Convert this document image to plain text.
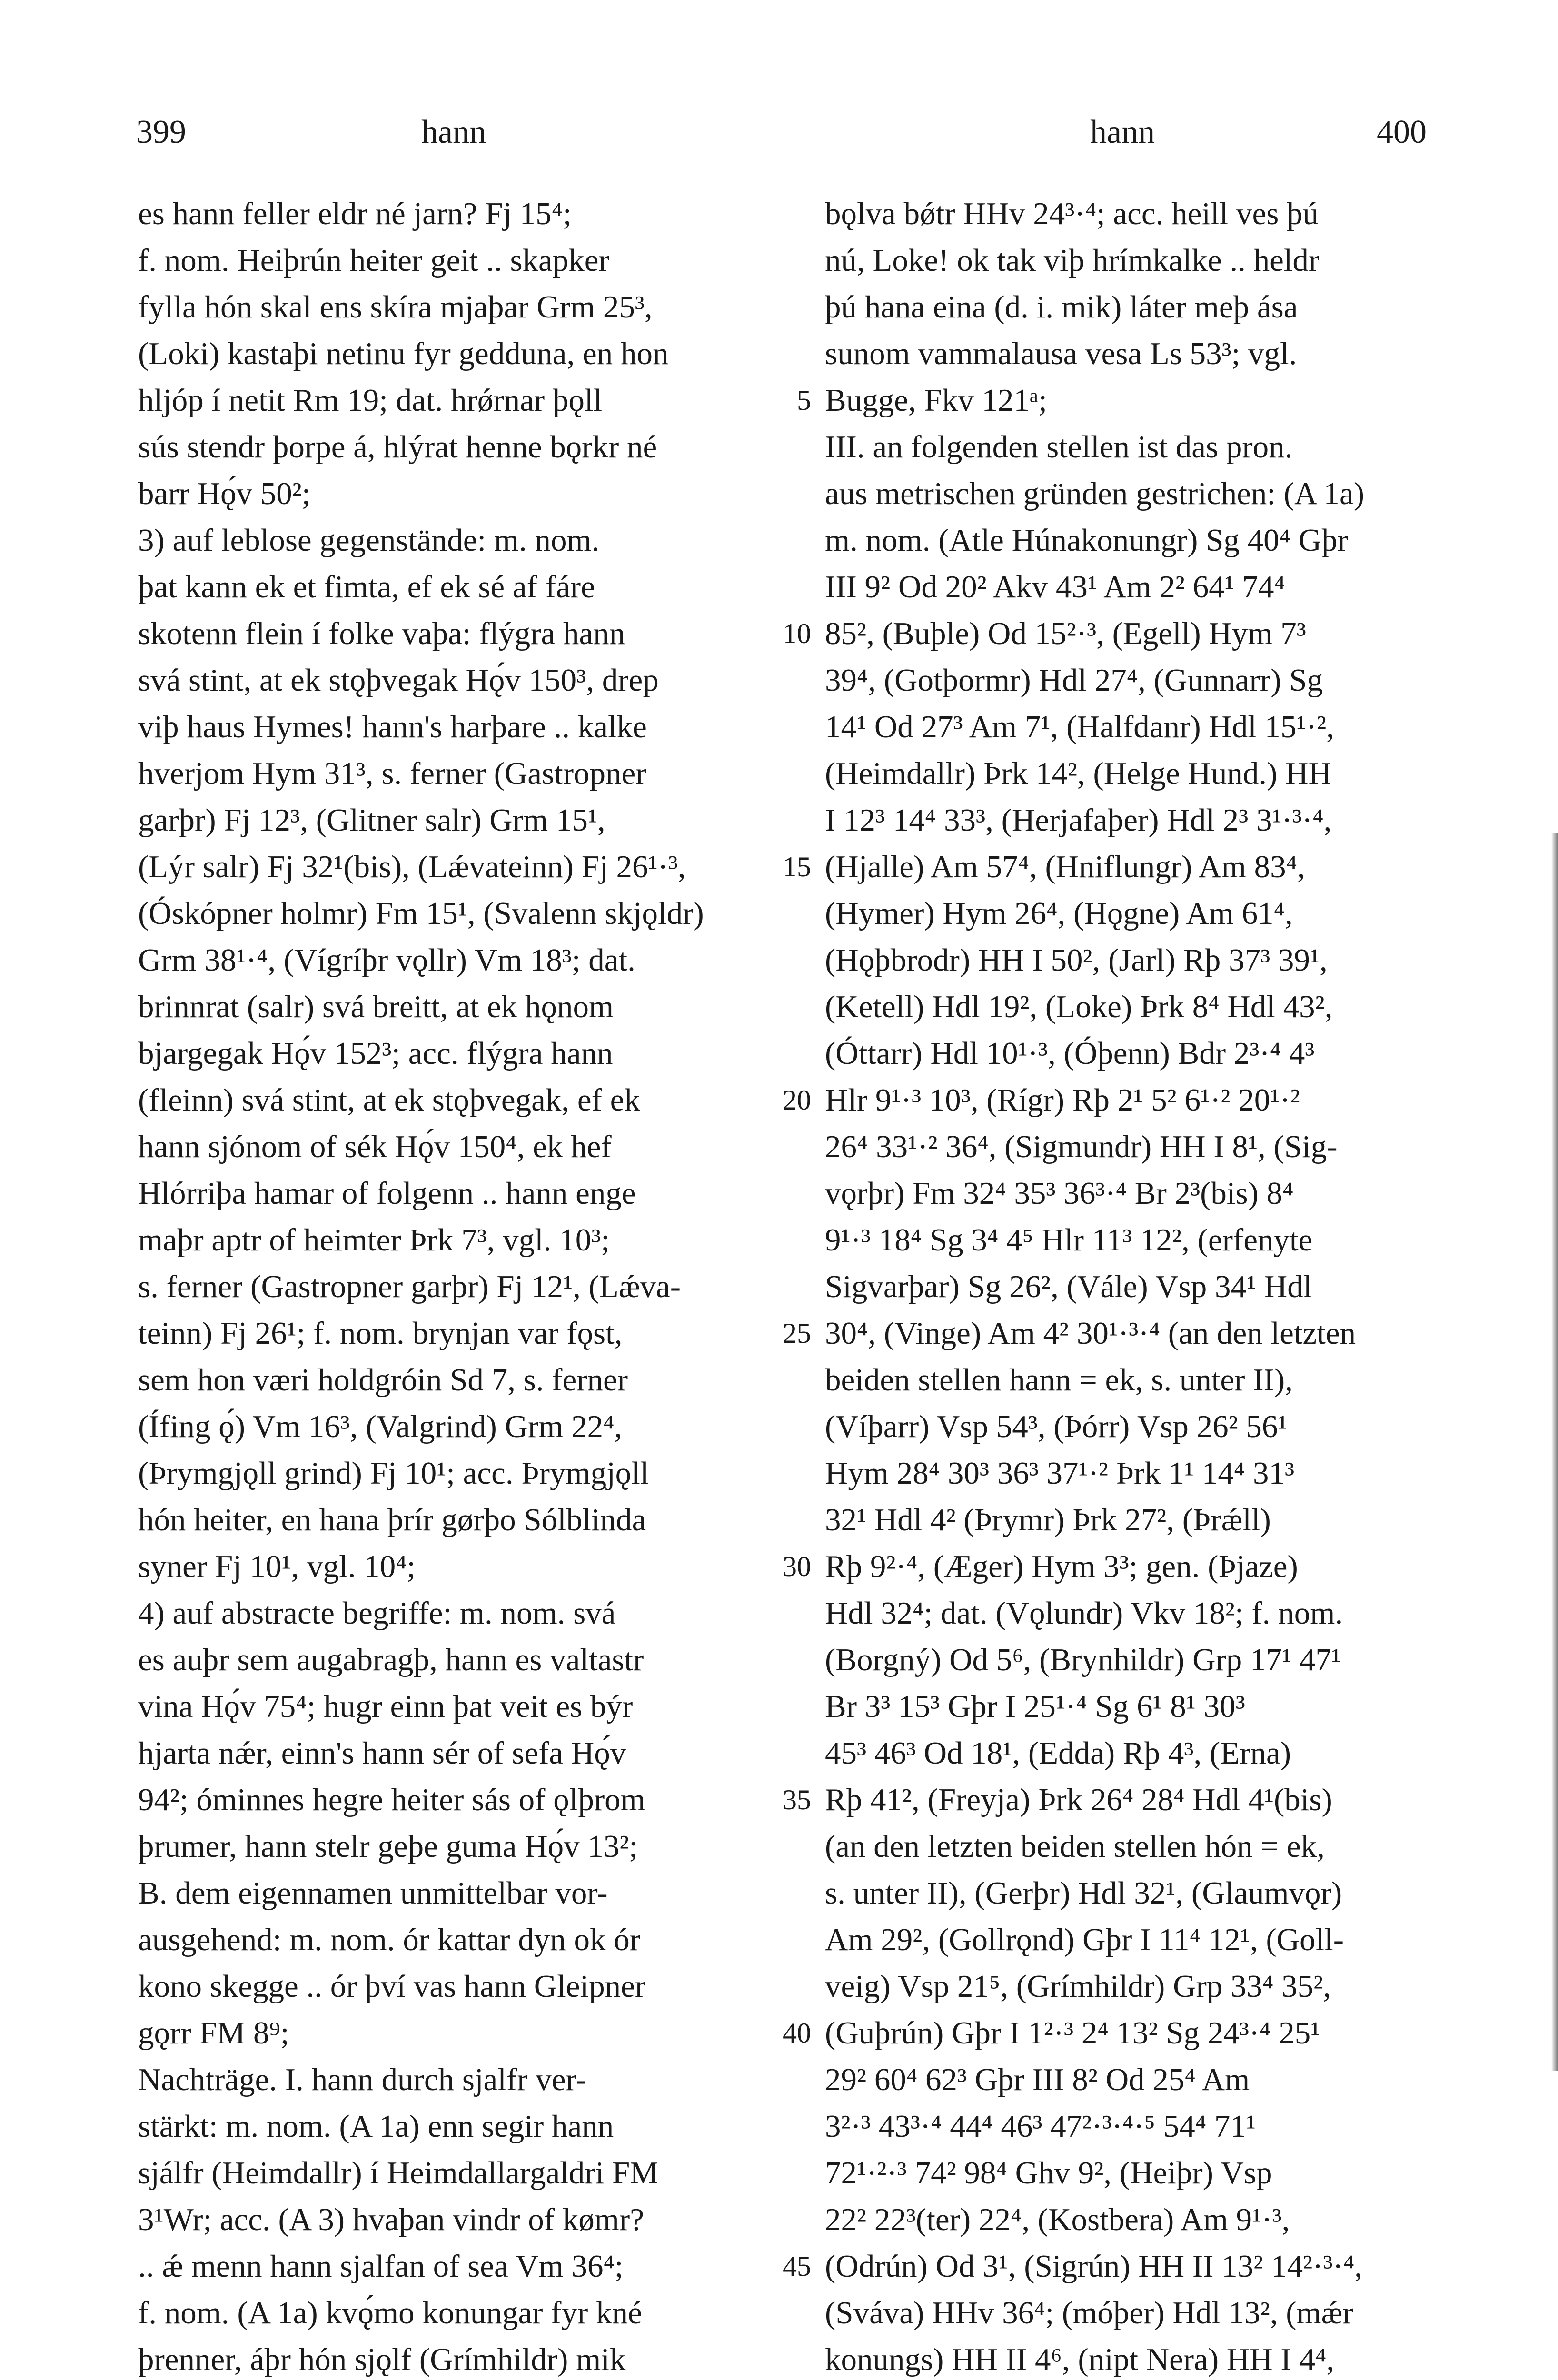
399	hann	hann	400
es hann feller eldr né jarn? Fj 15⁴;
f. nom. Heiþrún heiter geit .. skapker
fylla hón skal ens skíra mjaþar Grm 25³,
(Loki) kastaþi netinu fyr gedduna, en hon
hljóp í netit Rm 19; dat. hrǿrnar þǫll
sús stendr þorpe á, hlýrat henne bǫrkr né
barr Hǫ́v 50²;
3) auf leblose gegenstände: m. nom.
þat kann ek et fimta, ef ek sé af fáre
skotenn flein í folke vaþa: flýgra hann
svá stint, at ek stǫþvegak Hǫ́v 150³, drep
viþ haus Hymes! hann's harþare .. kalke
hverjom Hym 31³, s. ferner (Gastropner
garþr) Fj 12³, (Glitner salr) Grm 15¹,
(Lýr salr) Fj 32¹(bis), (Lǽvateinn) Fj 26¹·³,
(Óskópner holmr) Fm 15¹, (Svalenn skjǫldr)
Grm 38¹·⁴, (Vígríþr vǫllr) Vm 18³; dat.
brinnrat (salr) svá breitt, at ek hǫnom
bjargegak Hǫ́v 152³; acc. flýgra hann
(fleinn) svá stint, at ek stǫþvegak, ef ek
hann sjónom of sék Hǫ́v 150⁴, ek hef
Hlórriþa hamar of folgenn .. hann enge
maþr aptr of heimter Þrk 7³, vgl. 10³;
s. ferner (Gastropner garþr) Fj 12¹, (Lǽva-
teinn) Fj 26¹; f. nom. brynjan var fǫst,
sem hon væri holdgróin Sd 7, s. ferner
(Ífing ǫ́) Vm 16³, (Valgrind) Grm 22⁴,
(Þrymgjǫll grind) Fj 10¹; acc. Þrymgjǫll
hón heiter, en hana þrír gørþo Sólblinda
syner Fj 10¹, vgl. 10⁴;
4) auf abstracte begriffe: m. nom. svá
es auþr sem augabragþ, hann es valtastr
vina Hǫ́v 75⁴; hugr einn þat veit es býr
hjarta nǽr, einn's hann sér of sefa Hǫ́v
94²; óminnes hegre heiter sás of ǫlþrom
þrumer, hann stelr geþe guma Hǫ́v 13²;
B. dem eigennamen unmittelbar vor-
ausgehend: m. nom. ór kattar dyn ok ór
kono skegge .. ór því vas hann Gleipner
gǫrr FM 8⁹;
Nachträge. I. hann durch sjalfr ver-
stärkt: m. nom. (A 1a) enn segir hann
sjálfr (Heimdallr) í Heimdallargaldri FM
3¹Wr; acc. (A 3) hvaþan vindr of kømr?
.. ǽ menn hann sjalfan of sea Vm 36⁴;
f. nom. (A 1a) kvǫ́mo konungar fyr kné
þrenner, áþr hón sjǫlf (Grímhildr) mik
5
10
15
20
25
30
35
40
45
bǫlva bǿtr HHv 24³·⁴; acc. heill ves þú
nú, Loke! ok tak viþ hrímkalke .. heldr
þú hana eina (d. i. mik) láter meþ ása
sunom vammalausa vesa Ls 53³; vgl.
Bugge, Fkv 121ᵃ;
III. an folgenden stellen ist das pron.
aus metrischen gründen gestrichen: (A 1a)
m. nom. (Atle Húnakonungr) Sg 40⁴ Gþr
III 9² Od 20² Akv 43¹ Am 2² 64¹ 74⁴
85², (Buþle) Od 15²·³, (Egell) Hym 7³
39⁴, (Gotþormr) Hdl 27⁴, (Gunnarr) Sg
14¹ Od 27³ Am 7¹, (Halfdanr) Hdl 15¹·²,
(Heimdallr) Þrk 14², (Helge Hund.) HH
I 12³ 14⁴ 33³, (Herjafaþer) Hdl 2³ 3¹·³·⁴,
(Hjalle) Am 57⁴, (Hniflungr) Am 83⁴,
(Hymer) Hym 26⁴, (Hǫgne) Am 61⁴,
(Hǫþbrodr) HH I 50², (Jarl) Rþ 37³ 39¹,
(Ketell) Hdl 19², (Loke) Þrk 8⁴ Hdl 43²,
(Óttarr) Hdl 10¹·³, (Óþenn) Bdr 2³·⁴ 4³
Hlr 9¹·³ 10³, (Rígr) Rþ 2¹ 5² 6¹·² 20¹·²
26⁴ 33¹·² 36⁴, (Sigmundr) HH I 8¹, (Sig-
vǫrþr) Fm 32⁴ 35³ 36³·⁴ Br 2³(bis) 8⁴
9¹·³ 18⁴ Sg 3⁴ 4⁵ Hlr 11³ 12², (erfenyte
Sigvarþar) Sg 26², (Vále) Vsp 34¹ Hdl
30⁴, (Vinge) Am 4² 30¹·³·⁴ (an den letzten
beiden stellen hann = ek, s. unter II),
(Víþarr) Vsp 54³, (Þórr) Vsp 26² 56¹
Hym 28⁴ 30³ 36³ 37¹·² Þrk 1¹ 14⁴ 31³
32¹ Hdl 4² (Þrymr) Þrk 27², (Þrǽll)
Rþ 9²·⁴, (Æger) Hym 3³; gen. (Þjaze)
Hdl 32⁴; dat. (Vǫlundr) Vkv 18²; f. nom.
(Borgný) Od 5⁶, (Brynhildr) Grp 17¹ 47¹
Br 3³ 15³ Gþr I 25¹·⁴ Sg 6¹ 8¹ 30³
45³ 46³ Od 18¹, (Edda) Rþ 4³, (Erna)
Rþ 41², (Freyja) Þrk 26⁴ 28⁴ Hdl 4¹(bis)
(an den letzten beiden stellen hón = ek,
s. unter II), (Gerþr) Hdl 32¹, (Glaumvǫr)
Am 29², (Gollrǫnd) Gþr I 11⁴ 12¹, (Goll-
veig) Vsp 21⁵, (Grímhildr) Grp 33⁴ 35²,
(Guþrún) Gþr I 1²·³ 2⁴ 13² Sg 24³·⁴ 25¹
29² 60⁴ 62³ Gþr III 8² Od 25⁴ Am
3²·³ 43³·⁴ 44⁴ 46³ 47²·³·⁴·⁵ 54⁴ 71¹
72¹·²·³ 74² 98⁴ Ghv 9², (Heiþr) Vsp
22² 22³(ter) 22⁴, (Kostbera) Am 9¹·³,
(Odrún) Od 3¹, (Sigrún) HH II 13² 14²·³·⁴,
(Sváva) HHv 36⁴; (móþer) Hdl 13², (mǽr
konungs) HH II 4⁶, (nipt Nera) HH I 4⁴,
